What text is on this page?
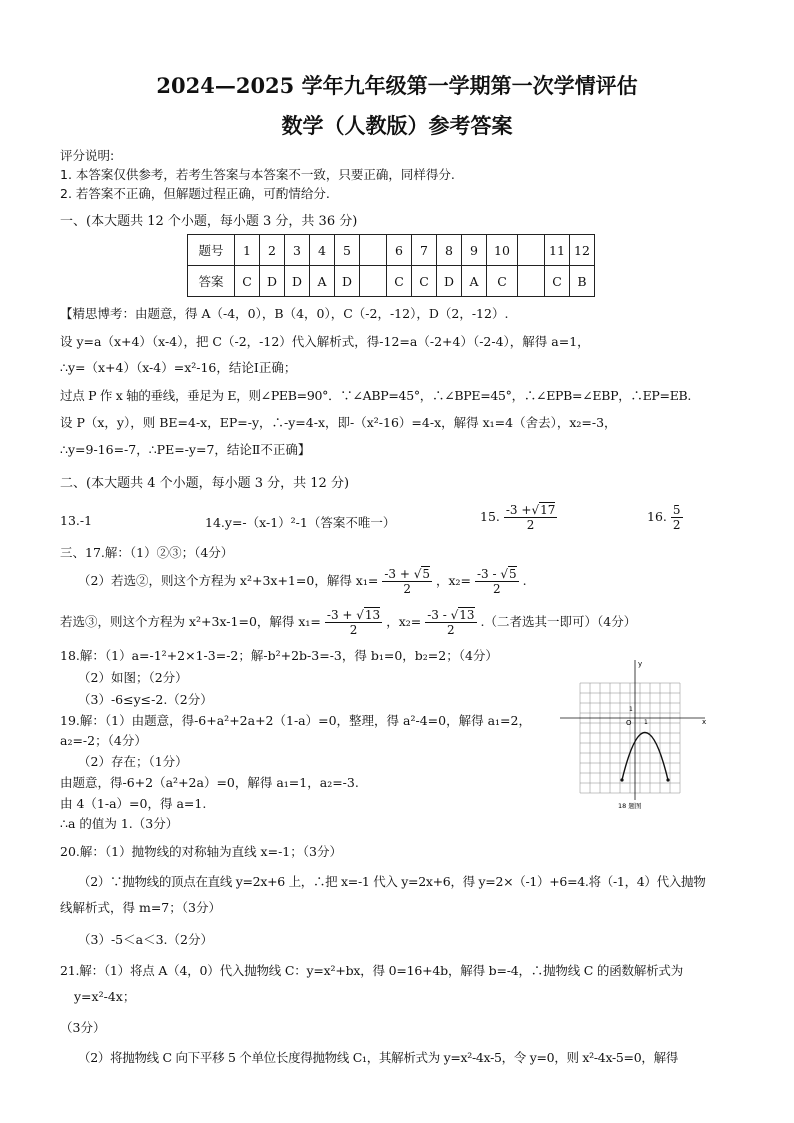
2024—2025 学年九年级第一学期第一次学情评估
数学（人教版）参考答案
评分说明:
1. 本答案仅供参考，若考生答案与本答案不一致，只要正确，同样得分.
2. 若答案不正确，但解题过程正确，可酌情给分.
一、(本大题共 12 个小题，每小题 3 分，共 36 分)
题号	1	2	3	4	5		6	7	8	9	10		11	12
答案	C	D	D	A	D		C	C	D	A	C		C	B
【精思博考：由题意，得 A（-4，0），B（4，0），C（-2，-12），D（2，-12）.
设 y=a（x+4）（x-4），把 C（-2，-12）代入解析式，得-12=a（-2+4）（-2-4），解得 a=1，
∴y=（x+4）（x-4）=x²-16，结论Ⅰ正确；
过点 P 作 x 轴的垂线，垂足为 E，则∠PEB=90°．∵∠ABP=45°，∴∠BPE=45°，∴∠EPB=∠EBP，∴EP=EB.
设 P（x，y），则 BE=4-x，EP=-y，∴-y=4-x，即-（x²-16）=4-x，解得 x₁=4（舍去），x₂=-3，
∴y=9-16=-7，∴PE=-y=7，结论Ⅱ不正确】
二、(本大题共 4 个小题，每小题 3 分，共 12 分)
13.-1	14.y=-（x-1）²-1（答案不唯一）	15. $\frac{-3 +√17}{2}$	16. $\frac{5}{2}$
三、17.解：（1）②③；（4分）
（2）若选②，则这个方程为 x²+3x+1=0，解得 $x_1= \frac{-3 + √5}{2}$ ，$x_2= \frac{-3 - √5}{2}$ .
若选③，则这个方程为 x²+3x-1=0，解得 $x_1= \frac{-3 + √13}{2}$ ，$x_2= \frac{-3 - √13}{2}$ .（二者选其一即可）（4分）
18.解：（1）a=-1²+2×1-3=-2；解-b²+2b-3=-3，得 b₁=0，b₂=2；（4分）
（2）如图；（2分）
（3）-6≤y≤-2.（2分）
19.解：（1）由题意，得-6+a²+2a+2（1-a）=0，整理，得 a²-4=0，解得 a₁=2，
a₂=-2；（4分）
（2）存在；（1分）
由题意，得-6+2（a²+2a）=0，解得 a₁=1，a₂=-3.
由 4（1-a）=0，得 a=1.
∴a 的值为 1.（3分）
y
x
O 1
1
18 题图
20.解：（1）抛物线的对称轴为直线 x=-1；（3分）
（2）∵抛物线的顶点在直线 y=2x+6 上，∴把 x=-1 代入 y=2x+6，得 y=2×（-1）+6=4.将（-1，4）代入抛物
线解析式，得 m=7；（3分）
（3）-5＜a＜3.（2分）
21.解：（1）将点 A（4，0）代入抛物线 C：y=x²+bx，得 0=16+4b，解得 b=-4，∴抛物线 C 的函数解析式为
y=x²-4x；
（3分）
（2）将抛物线 C 向下平移 5 个单位长度得抛物线 C₁，其解析式为 y=x²-4x-5，令 y=0，则 x²-4x-5=0，解得
